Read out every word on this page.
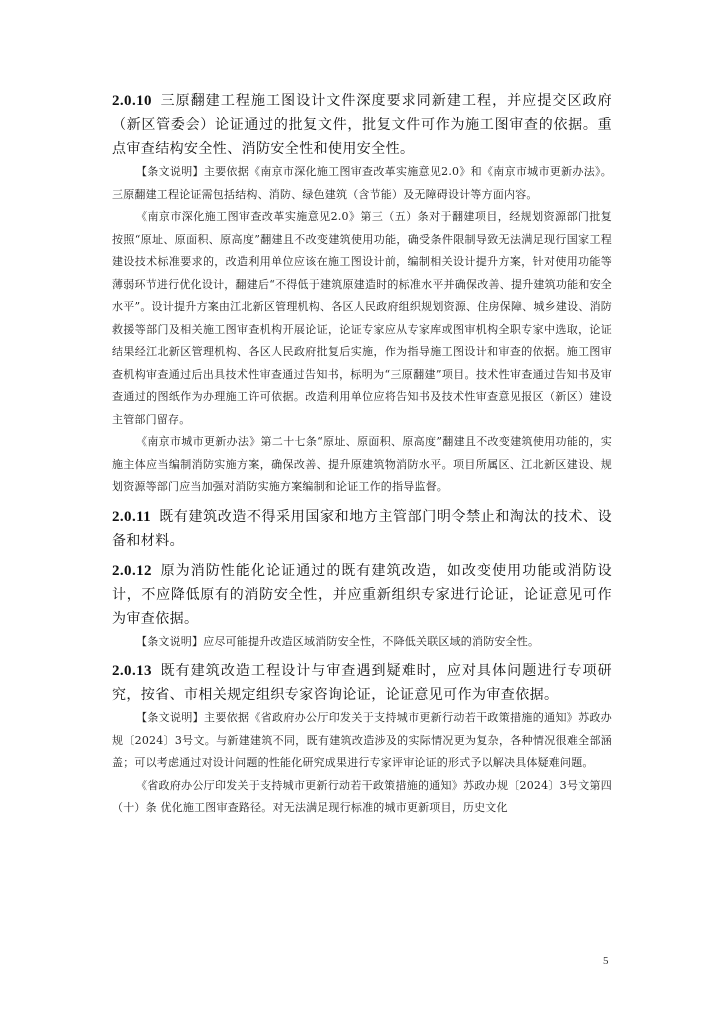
2.0.10 三原翻建工程施工图设计文件深度要求同新建工程，并应提交区政府（新区管委会）论证通过的批复文件，批复文件可作为施工图审查的依据。重点审查结构安全性、消防安全性和使用安全性。

【条文说明】主要依据《南京市深化施工图审查改革实施意见2.0》和《南京市城市更新办法》。三原翻建工程论证需包括结构、消防、绿色建筑（含节能）及无障碍设计等方面内容。

《南京市深化施工图审查改革实施意见2.0》第三（五）条对于翻建项目，经规划资源部门批复按照“原址、原面积、原高度”翻建且不改变建筑使用功能，确受条件限制导致无法满足现行国家工程建设技术标准要求的，改造利用单位应该在施工图设计前，编制相关设计提升方案，针对使用功能等薄弱环节进行优化设计，翻建后“不得低于建筑原建造时的标准水平并确保改善、提升建筑功能和安全水平”。设计提升方案由江北新区管理机构、各区人民政府组织规划资源、住房保障、城乡建设、消防救援等部门及相关施工图审查机构开展论证，论证专家应从专家库或图审机构全职专家中选取，论证结果经江北新区管理机构、各区人民政府批复后实施，作为指导施工图设计和审查的依据。施工图审查机构审查通过后出具技术性审查通过告知书，标明为“三原翻建”项目。技术性审查通过告知书及审查通过的图纸作为办理施工许可依据。改造利用单位应将告知书及技术性审查意见报区（新区）建设主管部门留存。

《南京市城市更新办法》第二十七条“原址、原面积、原高度”翻建且不改变建筑使用功能的，实施主体应当编制消防实施方案，确保改善、提升原建筑物消防水平。项目所属区、江北新区建设、规划资源等部门应当加强对消防实施方案编制和论证工作的指导监督。

2.0.11 既有建筑改造不得采用国家和地方主管部门明令禁止和淘汰的技术、设备和材料。

2.0.12 原为消防性能化论证通过的既有建筑改造，如改变使用功能或消防设计，不应降低原有的消防安全性，并应重新组织专家进行论证，论证意见可作为审查依据。

【条文说明】应尽可能提升改造区域消防安全性，不降低关联区域的消防安全性。

2.0.13 既有建筑改造工程设计与审查遇到疑难时，应对具体问题进行专项研究，按省、市相关规定组织专家咨询论证，论证意见可作为审查依据。

【条文说明】主要依据《省政府办公厅印发关于支持城市更新行动若干政策措施的通知》苏政办规〔2024〕3号文。与新建建筑不同，既有建筑改造涉及的实际情况更为复杂，各种情况很难全部涵盖；可以考虑通过对设计问题的性能化研究成果进行专家评审论证的形式予以解决具体疑难问题。

《省政府办公厅印发关于支持城市更新行动若干政策措施的通知》苏政办规〔2024〕3号文第四（十）条 优化施工图审查路径。对无法满足现行标准的城市更新项目，历史文化

5
